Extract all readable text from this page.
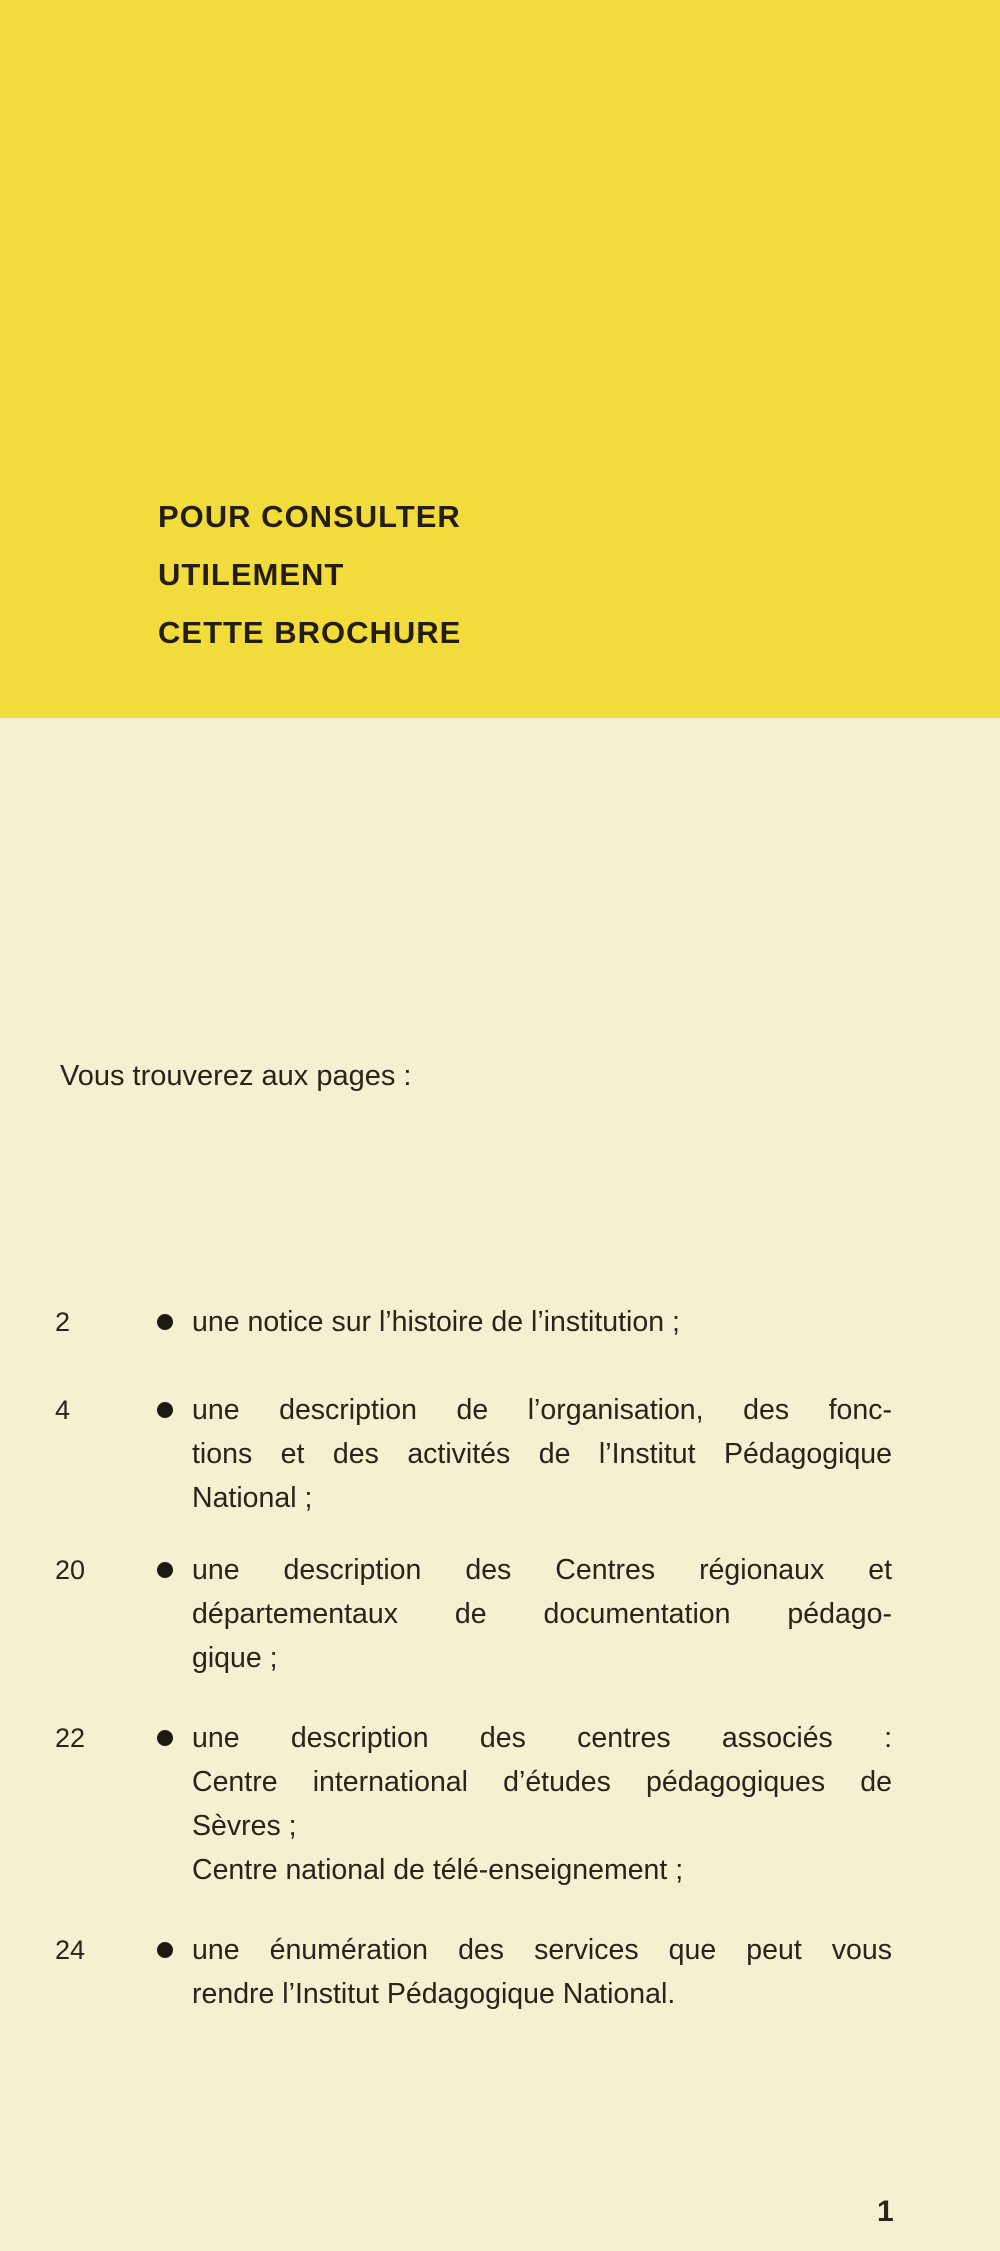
POUR CONSULTER
UTILEMENT
CETTE BROCHURE
Vous trouverez aux pages :
2	une notice sur l’histoire de l’institution ;
4	une description de l’organisation, des fonc-
tions et des activités de l’Institut Pédagogique
National ;
20	une description des Centres régionaux et
départementaux de documentation pédago-
gique ;
22	une description des centres associés :
Centre international d’études pédagogiques de
Sèvres ;
Centre national de télé-enseignement ;
24	une énumération des services que peut vous
rendre l’Institut Pédagogique National.
1
